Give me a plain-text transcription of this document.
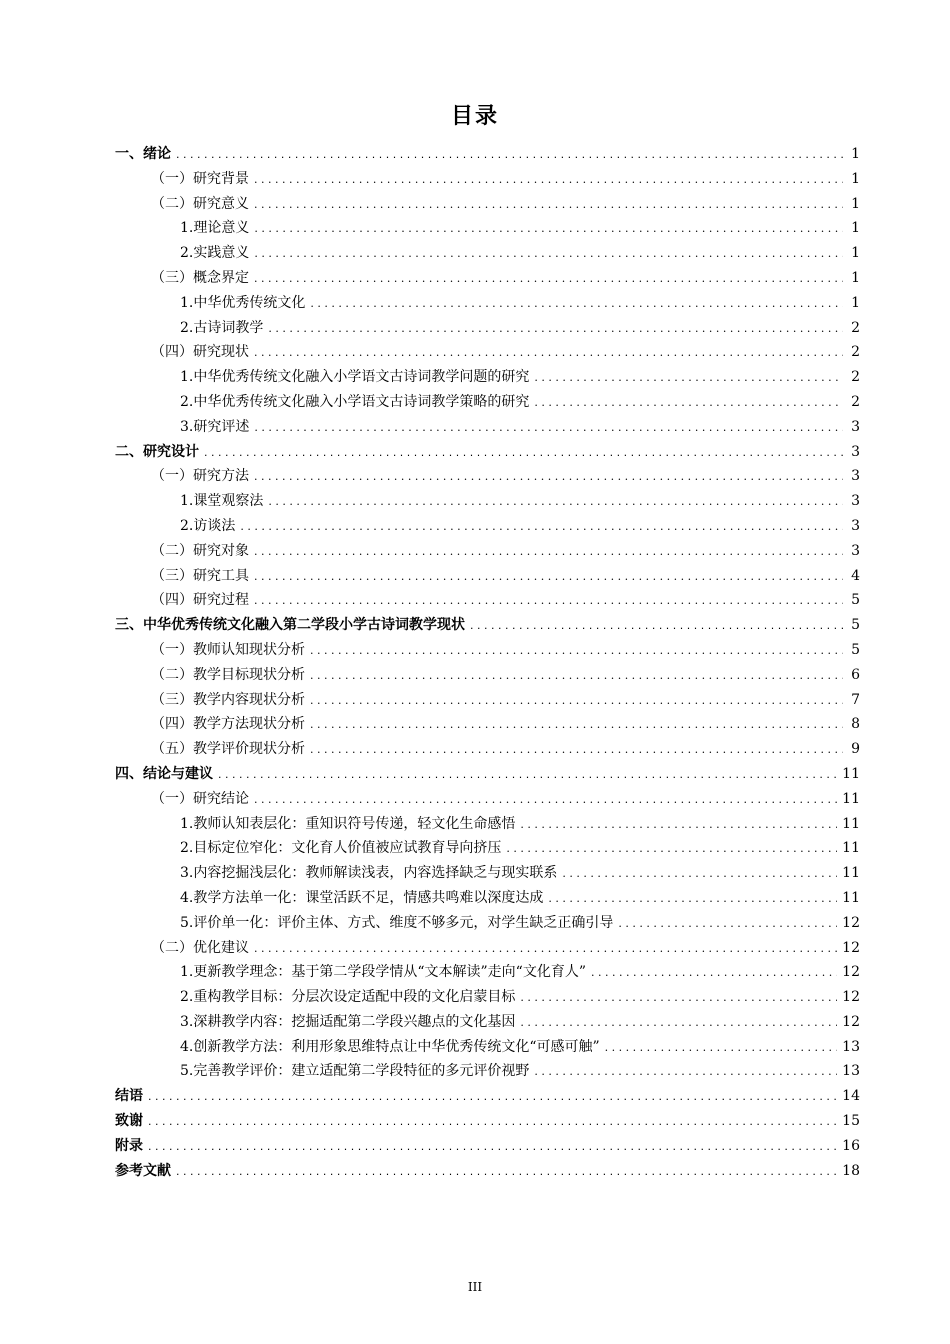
目录
一、绪论 . . .	1
（一）研究背景 . . .	1
（二）研究意义 . . .	1
1.理论意义 . . .	1
2.实践意义 . . .	1
（三）概念界定 . . .	1
1.中华优秀传统文化 . . .	1
2.古诗词教学 . . .	2
（四）研究现状 . . .	2
1.中华优秀传统文化融入小学语文古诗词教学问题的研究 . . .	2
2.中华优秀传统文化融入小学语文古诗词教学策略的研究 . . .	2
3.研究评述 . . .	3
二、研究设计 . . .	3
（一）研究方法 . . .	3
1.课堂观察法 . . .	3
2.访谈法 . . .	3
（二）研究对象 . . .	3
（三）研究工具 . . .	4
（四）研究过程 . . .	5
三、中华优秀传统文化融入第二学段小学古诗词教学现状 . . .	5
（一）教师认知现状分析 . . .	5
（二）教学目标现状分析 . . .	6
（三）教学内容现状分析 . . .	7
（四）教学方法现状分析 . . .	8
（五）教学评价现状分析 . . .	9
四、结论与建议 . . .	11
（一）研究结论 . . .	11
1.教师认知表层化：重知识符号传递，轻文化生命感悟 . . .	11
2.目标定位窄化：文化育人价值被应试教育导向挤压 . . .	11
3.内容挖掘浅层化：教师解读浅表，内容选择缺乏与现实联系 . . .	11
4.教学方法单一化：课堂活跃不足，情感共鸣难以深度达成 . . .	11
5.评价单一化：评价主体、方式、维度不够多元，对学生缺乏正确引导 . . .	12
（二）优化建议 . . .	12
1.更新教学理念：基于第二学段学情从“文本解读”走向“文化育人” . . .	12
2.重构教学目标：分层次设定适配中段的文化启蒙目标 . . .	12
3.深耕教学内容：挖掘适配第二学段兴趣点的文化基因 . . .	12
4.创新教学方法：利用形象思维特点让中华优秀传统文化“可感可触” . . .	13
5.完善教学评价：建立适配第二学段特征的多元评价视野 . . .	13
结语 . . .	14
致谢 . . .	15
附录 . . .	16
参考文献 . . .	18
III
